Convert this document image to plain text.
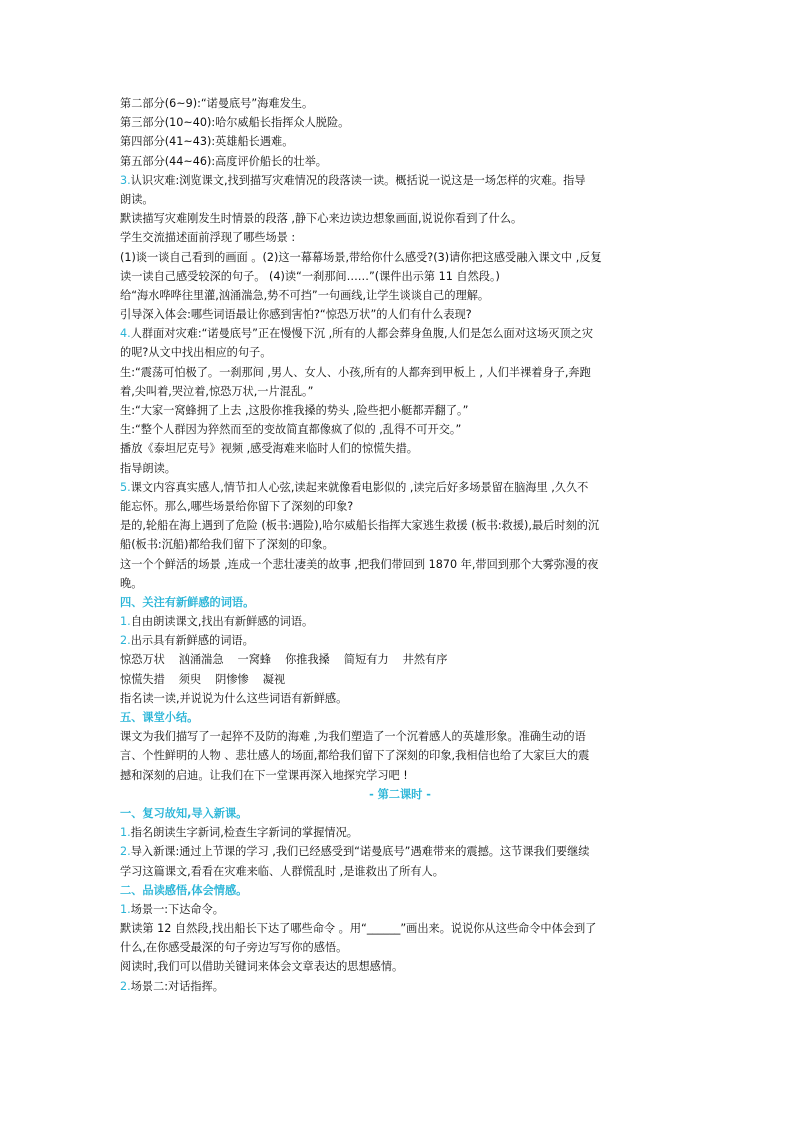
第二部分(6~9):“诺曼底号”海难发生。
第三部分(10~40):哈尔威船长指挥众人脱险。
第四部分(41~43):英雄船长遇难。
第五部分(44~46):高度评价船长的壮举。
3.认识灾难:浏览课文,找到描写灾难情况的段落读一读。概括说一说这是一场怎样的灾难。指导
朗读。
默读描写灾难刚发生时情景的段落 ,静下心来边读边想象画面,说说你看到了什么。
学生交流描述面前浮现了哪些场景 :
(1)谈一谈自己看到的画面 。(2)这一幕幕场景,带给你什么感受?(3)请你把这感受融入课文中 ,反复
读一读自己感受较深的句子。 (4)读“一刹那间……”(课件出示第 11 自然段。)
给“海水哗哗往里灌,汹涌湍急,势不可挡”一句画线,让学生谈谈自己的理解。
引导深入体会:哪些词语最让你感到害怕?“惊恐万状”的人们有什么表现?
4.人群面对灾难:“诺曼底号”正在慢慢下沉 ,所有的人都会葬身鱼腹,人们是怎么面对这场灭顶之灾
的呢?从文中找出相应的句子。
生:“震荡可怕极了。一刹那间 ,男人、女人、小孩,所有的人都奔到甲板上 , 人们半裸着身子,奔跑
着,尖叫着,哭泣着,惊恐万状,一片混乱。”
生:“大家一窝蜂拥了上去 ,这股你推我搡的势头 ,险些把小艇都弄翻了。”
生:“整个人群因为猝然而至的变故简直都像疯了似的 ,乱得不可开交。”
播放《泰坦尼克号》视频 ,感受海难来临时人们的惊慌失措。
指导朗读。
5.课文内容真实感人,情节扣人心弦,读起来就像看电影似的 ,读完后好多场景留在脑海里 ,久久不
能忘怀。那么,哪些场景给你留下了深刻的印象?
是的,轮船在海上遇到了危险 (板书:遇险),哈尔威船长指挥大家逃生救援 (板书:救援),最后时刻的沉
船(板书:沉船)都给我们留下了深刻的印象。
这一个个鲜活的场景 ,连成一个悲壮凄美的故事 ,把我们带回到 1870 年,带回到那个大雾弥漫的夜
晚。
四、关注有新鲜感的词语。
1.自由朗读课文,找出有新鲜感的词语。
2.出示具有新鲜感的词语。
惊恐万状 汹涌湍急 一窝蜂 你推我搡 简短有力 井然有序
惊慌失措 须臾 阴惨惨 凝视
指名读一读,并说说为什么这些词语有新鲜感。
五、课堂小结。
课文为我们描写了一起猝不及防的海难 ,为我们塑造了一个沉着感人的英雄形象。准确生动的语
言、个性鲜明的人物 、悲壮感人的场面,都给我们留下了深刻的印象,我相信也给了大家巨大的震
撼和深刻的启迪。让我们在下一堂课再深入地探究学习吧 !
- 第二课时 -
一、复习故知,导入新课。
1.指名朗读生字新词,检查生字新词的掌握情况。
2.导入新课:通过上节课的学习 ,我们已经感受到“诺曼底号”遇难带来的震撼。这节课我们要继续
学习这篇课文,看看在灾难来临、人群慌乱时 ,是谁救出了所有人。
二、品读感悟,体会情感。
1.场景一:下达命令。
默读第 12 自然段,找出船长下达了哪些命令 。用“______”画出来。说说你从这些命令中体会到了
什么,在你感受最深的句子旁边写写你的感悟。
阅读时,我们可以借助关键词来体会文章表达的思想感情。
2.场景二:对话指挥。
